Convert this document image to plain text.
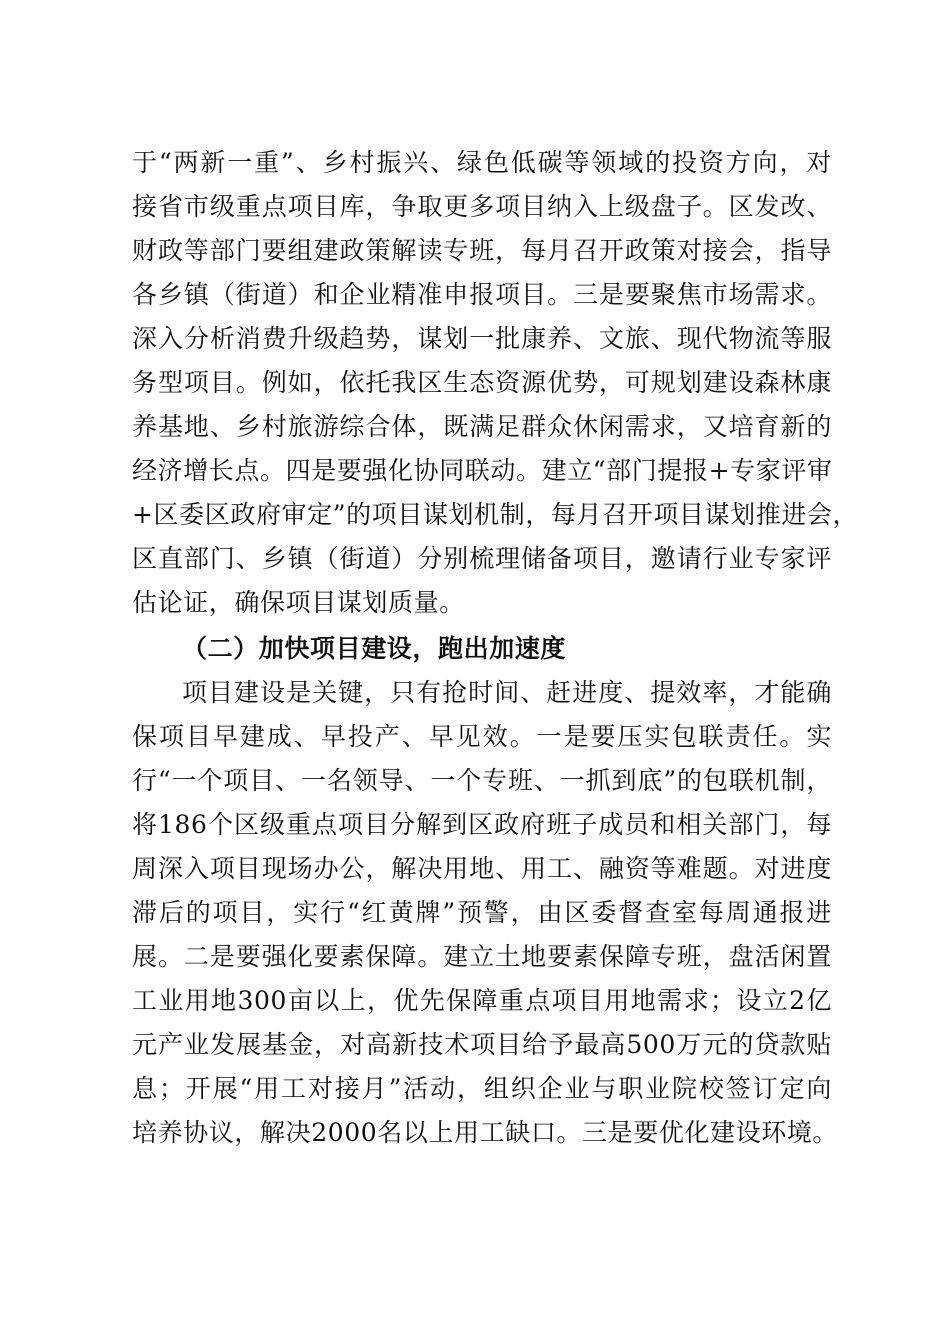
于“两新一重”、乡村振兴、绿色低碳等领域的投资方向，对
接省市级重点项目库，争取更多项目纳入上级盘子。区发改、
财政等部门要组建政策解读专班，每月召开政策对接会，指导
各乡镇（街道）和企业精准申报项目。三是要聚焦市场需求。
深入分析消费升级趋势，谋划一批康养、文旅、现代物流等服
务型项目。例如，依托我区生态资源优势，可规划建设森林康
养基地、乡村旅游综合体，既满足群众休闲需求，又培育新的
经济增长点。四是要强化协同联动。建立“部门提报+专家评审
+区委区政府审定”的项目谋划机制，每月召开项目谋划推进会，
区直部门、乡镇（街道）分别梳理储备项目，邀请行业专家评
估论证，确保项目谋划质量。
（二）加快项目建设，跑出加速度
项目建设是关键，只有抢时间、赶进度、提效率，才能确
保项目早建成、早投产、早见效。一是要压实包联责任。实
行“一个项目、一名领导、一个专班、一抓到底”的包联机制，
将186个区级重点项目分解到区政府班子成员和相关部门，每
周深入项目现场办公，解决用地、用工、融资等难题。对进度
滞后的项目，实行“红黄牌”预警，由区委督查室每周通报进
展。二是要强化要素保障。建立土地要素保障专班，盘活闲置
工业用地300亩以上，优先保障重点项目用地需求；设立2亿
元产业发展基金，对高新技术项目给予最高500万元的贷款贴
息；开展“用工对接月”活动，组织企业与职业院校签订定向
培养协议，解决2000名以上用工缺口。三是要优化建设环境。
